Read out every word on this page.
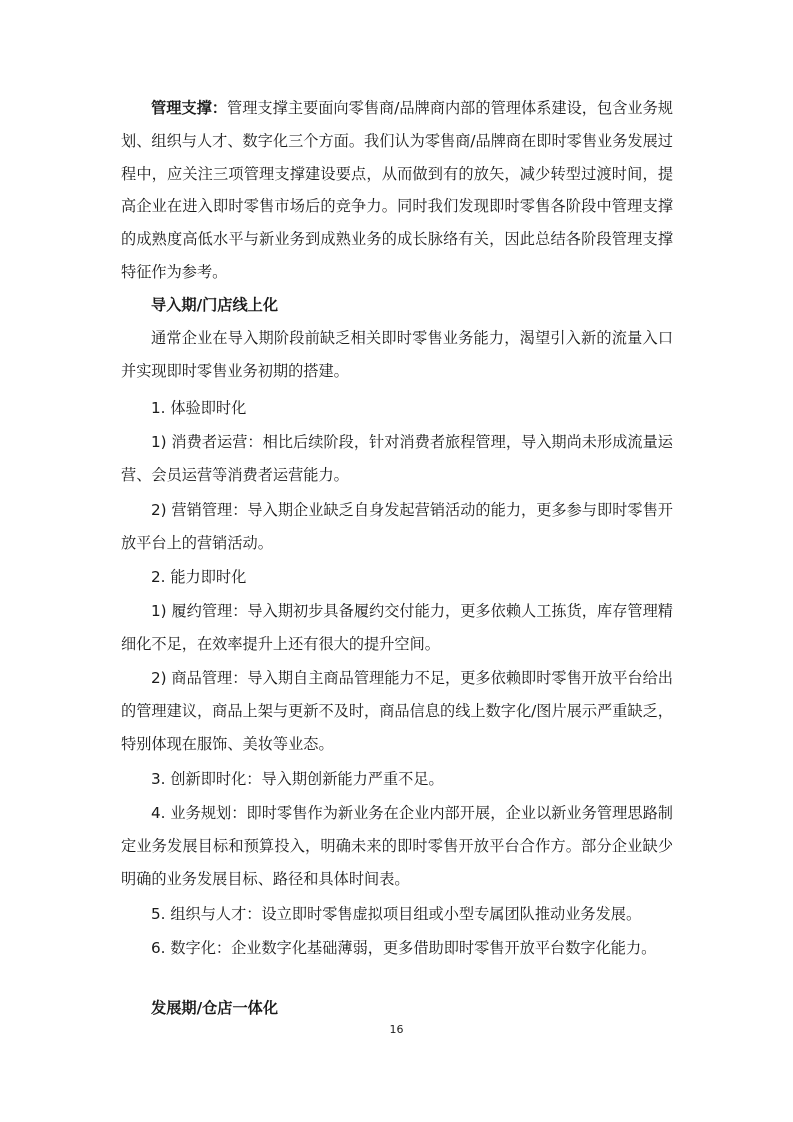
管理支撑：管理支撑主要面向零售商/品牌商内部的管理体系建设，包含业务规划、组织与人才、数字化三个方面。我们认为零售商/品牌商在即时零售业务发展过程中，应关注三项管理支撑建设要点，从而做到有的放矢，减少转型过渡时间，提高企业在进入即时零售市场后的竞争力。同时我们发现即时零售各阶段中管理支撑的成熟度高低水平与新业务到成熟业务的成长脉络有关，因此总结各阶段管理支撑特征作为参考。

导入期/门店线上化

通常企业在导入期阶段前缺乏相关即时零售业务能力，渴望引入新的流量入口并实现即时零售业务初期的搭建。

1. 体验即时化

1) 消费者运营：相比后续阶段，针对消费者旅程管理，导入期尚未形成流量运营、会员运营等消费者运营能力。

2) 营销管理：导入期企业缺乏自身发起营销活动的能力，更多参与即时零售开放平台上的营销活动。

2. 能力即时化

1) 履约管理：导入期初步具备履约交付能力，更多依赖人工拣货，库存管理精细化不足，在效率提升上还有很大的提升空间。

2) 商品管理：导入期自主商品管理能力不足，更多依赖即时零售开放平台给出的管理建议，商品上架与更新不及时，商品信息的线上数字化/图片展示严重缺乏，特别体现在服饰、美妆等业态。

3. 创新即时化：导入期创新能力严重不足。

4. 业务规划：即时零售作为新业务在企业内部开展，企业以新业务管理思路制定业务发展目标和预算投入，明确未来的即时零售开放平台合作方。部分企业缺少明确的业务发展目标、路径和具体时间表。

5. 组织与人才：设立即时零售虚拟项目组或小型专属团队推动业务发展。

6. 数字化：企业数字化基础薄弱，更多借助即时零售开放平台数字化能力。

发展期/仓店一体化

16
